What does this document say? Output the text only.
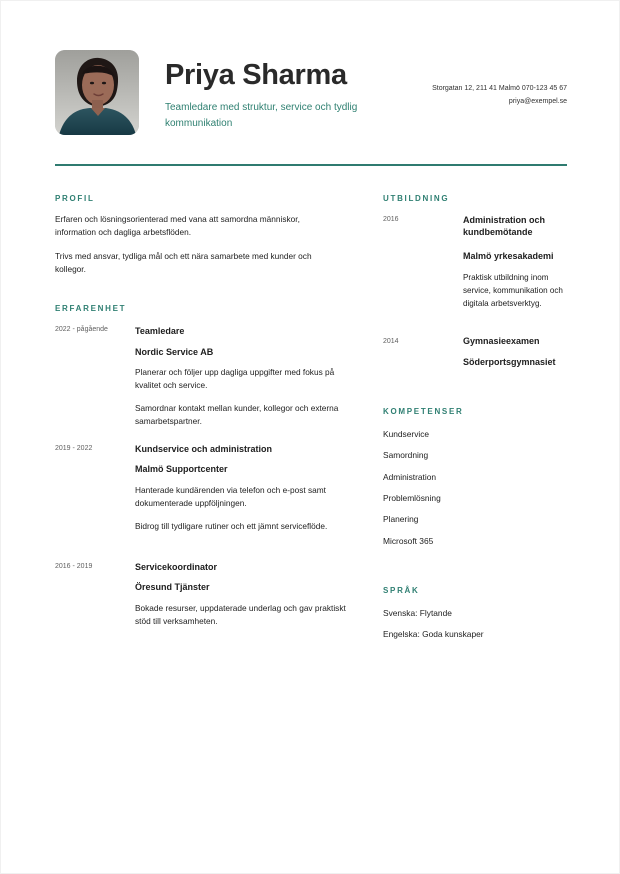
Priya Sharma
Teamledare med struktur, service och tydlig kommunikation
Storgatan 12, 211 41 Malmö 070-123 45 67
priya@exempel.se
PROFIL
Erfaren och lösningsorienterad med vana att samordna människor, information och dagliga arbetsflöden.
Trivs med ansvar, tydliga mål och ett nära samarbete med kunder och kollegor.
ERFARENHET
2022 - pågående	Teamledare
Nordic Service AB
Planerar och följer upp dagliga uppgifter med fokus på kvalitet och service.
Samordnar kontakt mellan kunder, kollegor och externa samarbetspartner.
2019 - 2022	Kundservice och administration
Malmö Supportcenter
Hanterade kundärenden via telefon och e-post samt dokumenterade uppföljningen.
Bidrog till tydligare rutiner och ett jämnt serviceflöde.
2016 - 2019	Servicekoordinator
Öresund Tjänster
Bokade resurser, uppdaterade underlag och gav praktiskt stöd till verksamheten.
UTBILDNING
2016	Administration och kundbemötande
Malmö yrkesakademi
Praktisk utbildning inom service, kommunikation och digitala arbetsverktyg.
2014	Gymnasieexamen
Söderportsgymnasiet
KOMPETENSER
Kundservice
Samordning
Administration
Problemlösning
Planering
Microsoft 365
SPRÅK
Svenska: Flytande
Engelska: Goda kunskaper
